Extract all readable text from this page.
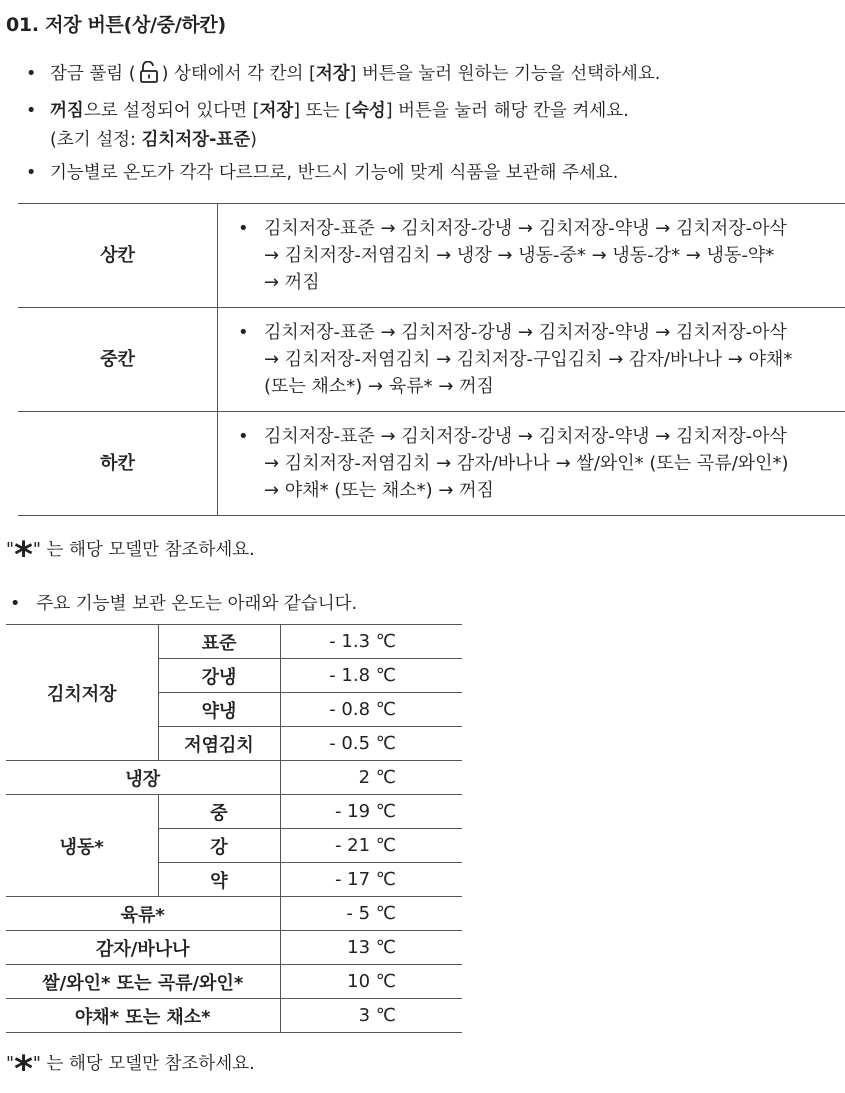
01. 저장 버튼(상/중/하칸)
• 잠금 풀림 ( ) 상태에서 각 칸의 [저장] 버튼을 눌러 원하는 기능을 선택하세요.
• 꺼짐으로 설정되어 있다면 [저장] 또는 [숙성] 버튼을 눌러 해당 칸을 켜세요.
(초기 설정: 김치저장-표준)
• 기능별로 온도가 각각 다르므로, 반드시 기능에 맞게 식품을 보관해 주세요.
상칸	• 김치저장-표준 → 김치저장-강냉 → 김치저장-약냉 → 김치저장-아삭
→ 김치저장-저염김치 → 냉장 → 냉동-중* → 냉동-강* → 냉동-약*
→ 꺼짐

중칸	• 김치저장-표준 → 김치저장-강냉 → 김치저장-약냉 → 김치저장-아삭
→ 김치저장-저염김치 → 김치저장-구입김치 → 감자/바나나 → 야채*
(또는 채소*) → 육류* → 꺼짐

하칸	• 김치저장-표준 → 김치저장-강냉 → 김치저장-약냉 → 김치저장-아삭
→ 김치저장-저염김치 → 감자/바나나 → 쌀/와인* (또는 곡류/와인*)
→ 야채* (또는 채소*) → 꺼짐
"*" 는 해당 모델만 참조하세요.
• 주요 기능별 보관 온도는 아래와 같습니다.
김치저장	표준	- 1.3 ℃
	강냉	- 1.8 ℃
	약냉	- 0.8 ℃
	저염김치	- 0.5 ℃
냉장		2 ℃
냉동*	중	- 19 ℃
	강	- 21 ℃
	약	- 17 ℃
육류*		- 5 ℃
감자/바나나		13 ℃
쌀/와인* 또는 곡류/와인*		10 ℃
야채* 또는 채소*		3 ℃
"*" 는 해당 모델만 참조하세요.
